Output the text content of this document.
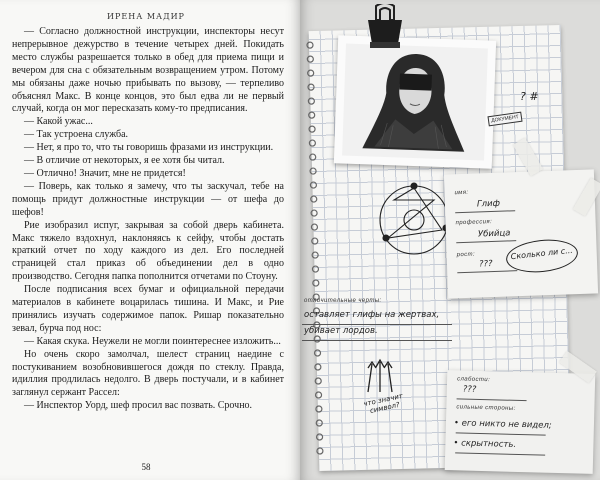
ИРЕНА МАДИР

— Согласно должностной инструкции, инспекторы несут непрерывное дежурство в течение четырех дней. Покидать место службы разрешается только в обед для приема пищи и вечером для сна с обязательным возвращением утром. Потому мы обязаны даже ночью прибывать по вызову, — терпеливо объяснял Макс. В конце концов, это был едва ли не первый случай, когда он мог пересказать кому-то предписания.

— Какой ужас...

— Так устроена служба.

— Нет, я про то, что ты говоришь фразами из инструкции.

— В отличие от некоторых, я ее хотя бы читал.

— Отлично! Значит, мне не придется!

— Поверь, как только я замечу, что ты заскучал, тебе на помощь придут должностные инструкции — от шефа до шефов!

Рие изобразил испуг, закрывая за собой дверь кабинета. Макс тяжело вздохнул, наклоняясь к сейфу, чтобы достать краткий отчет по ходу каждого из дел. Его последней страницей стал приказ об объединении дел в одно производство. Сегодня папка пополнится отчетами по Стоуну.

После подписания всех бумаг и официальной передачи материалов в кабинете воцарилась тишина. И Макс, и Рие принялись изучать содержимое папок. Ришар показательно зевал, бурча под нос:

— Какая скука. Неужели не могли поинтереснее изложить...

Но очень скоро замолчал, шелест страниц наедине с постукиванием возобновившегося дождя по стеклу. Правда, идиллия продлилась недолго. В дверь постучали, и в кабинет заглянул сержант Рассел:

— Инспектор Уорд, шеф просил вас позвать. Срочно.

58
ДОКУМЕНТ
? #
имя:
Глиф
профессия:
Убийца
рост:
???
Сколько ли с...
отличительные черты:
оставляет глифы на жертвах,
убивает лордов.
что значит символ?
слабости:
???
сильные стороны:
• его никто не видел;
• скрытность.
